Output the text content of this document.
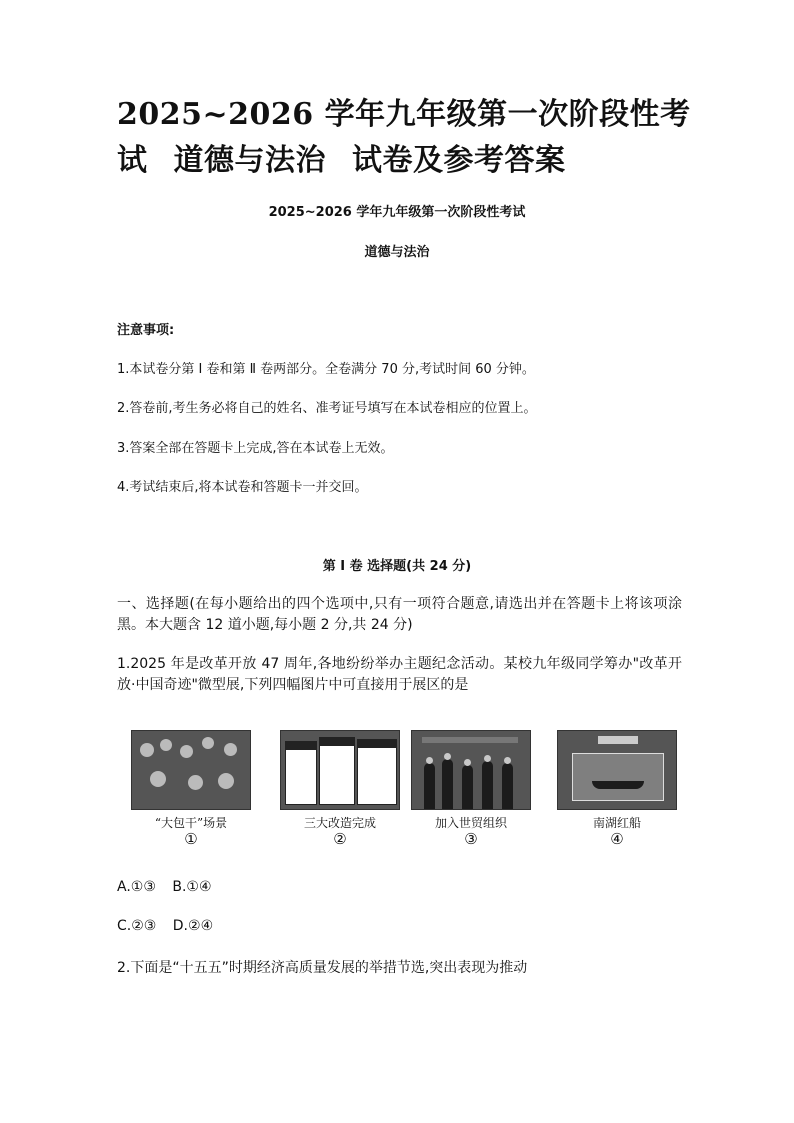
2025~2026 学年九年级第一次阶段性考
试 道德与法治 试卷及参考答案
2025~2026 学年九年级第一次阶段性考试
道德与法治
注意事项:
1.本试卷分第 I 卷和第 Ⅱ 卷两部分。全卷满分 70 分,考试时间 60 分钟。
2.答卷前,考生务必将自己的姓名、准考证号填写在本试卷相应的位置上。
3.答案全部在答题卡上完成,答在本试卷上无效。
4.考试结束后,将本试卷和答题卡一并交回。
第 I 卷 选择题(共 24 分)
一、选择题(在每小题给出的四个选项中,只有一项符合题意,请选出并在答题卡上将该项涂黑。本大题含 12 道小题,每小题 2 分,共 24 分)
1.2025 年是改革开放 47 周年,各地纷纷举办主题纪念活动。某校九年级同学筹办"改革开放·中国奇迹"微型展,下列四幅图片中可直接用于展区的是
“大包干”场景
①
三大改造完成
②
加入世贸组织
③
南湖红船
④
A.①③ B.①④
C.②③ D.②④
2.下面是“十五五”时期经济高质量发展的举措节选,突出表现为推动
